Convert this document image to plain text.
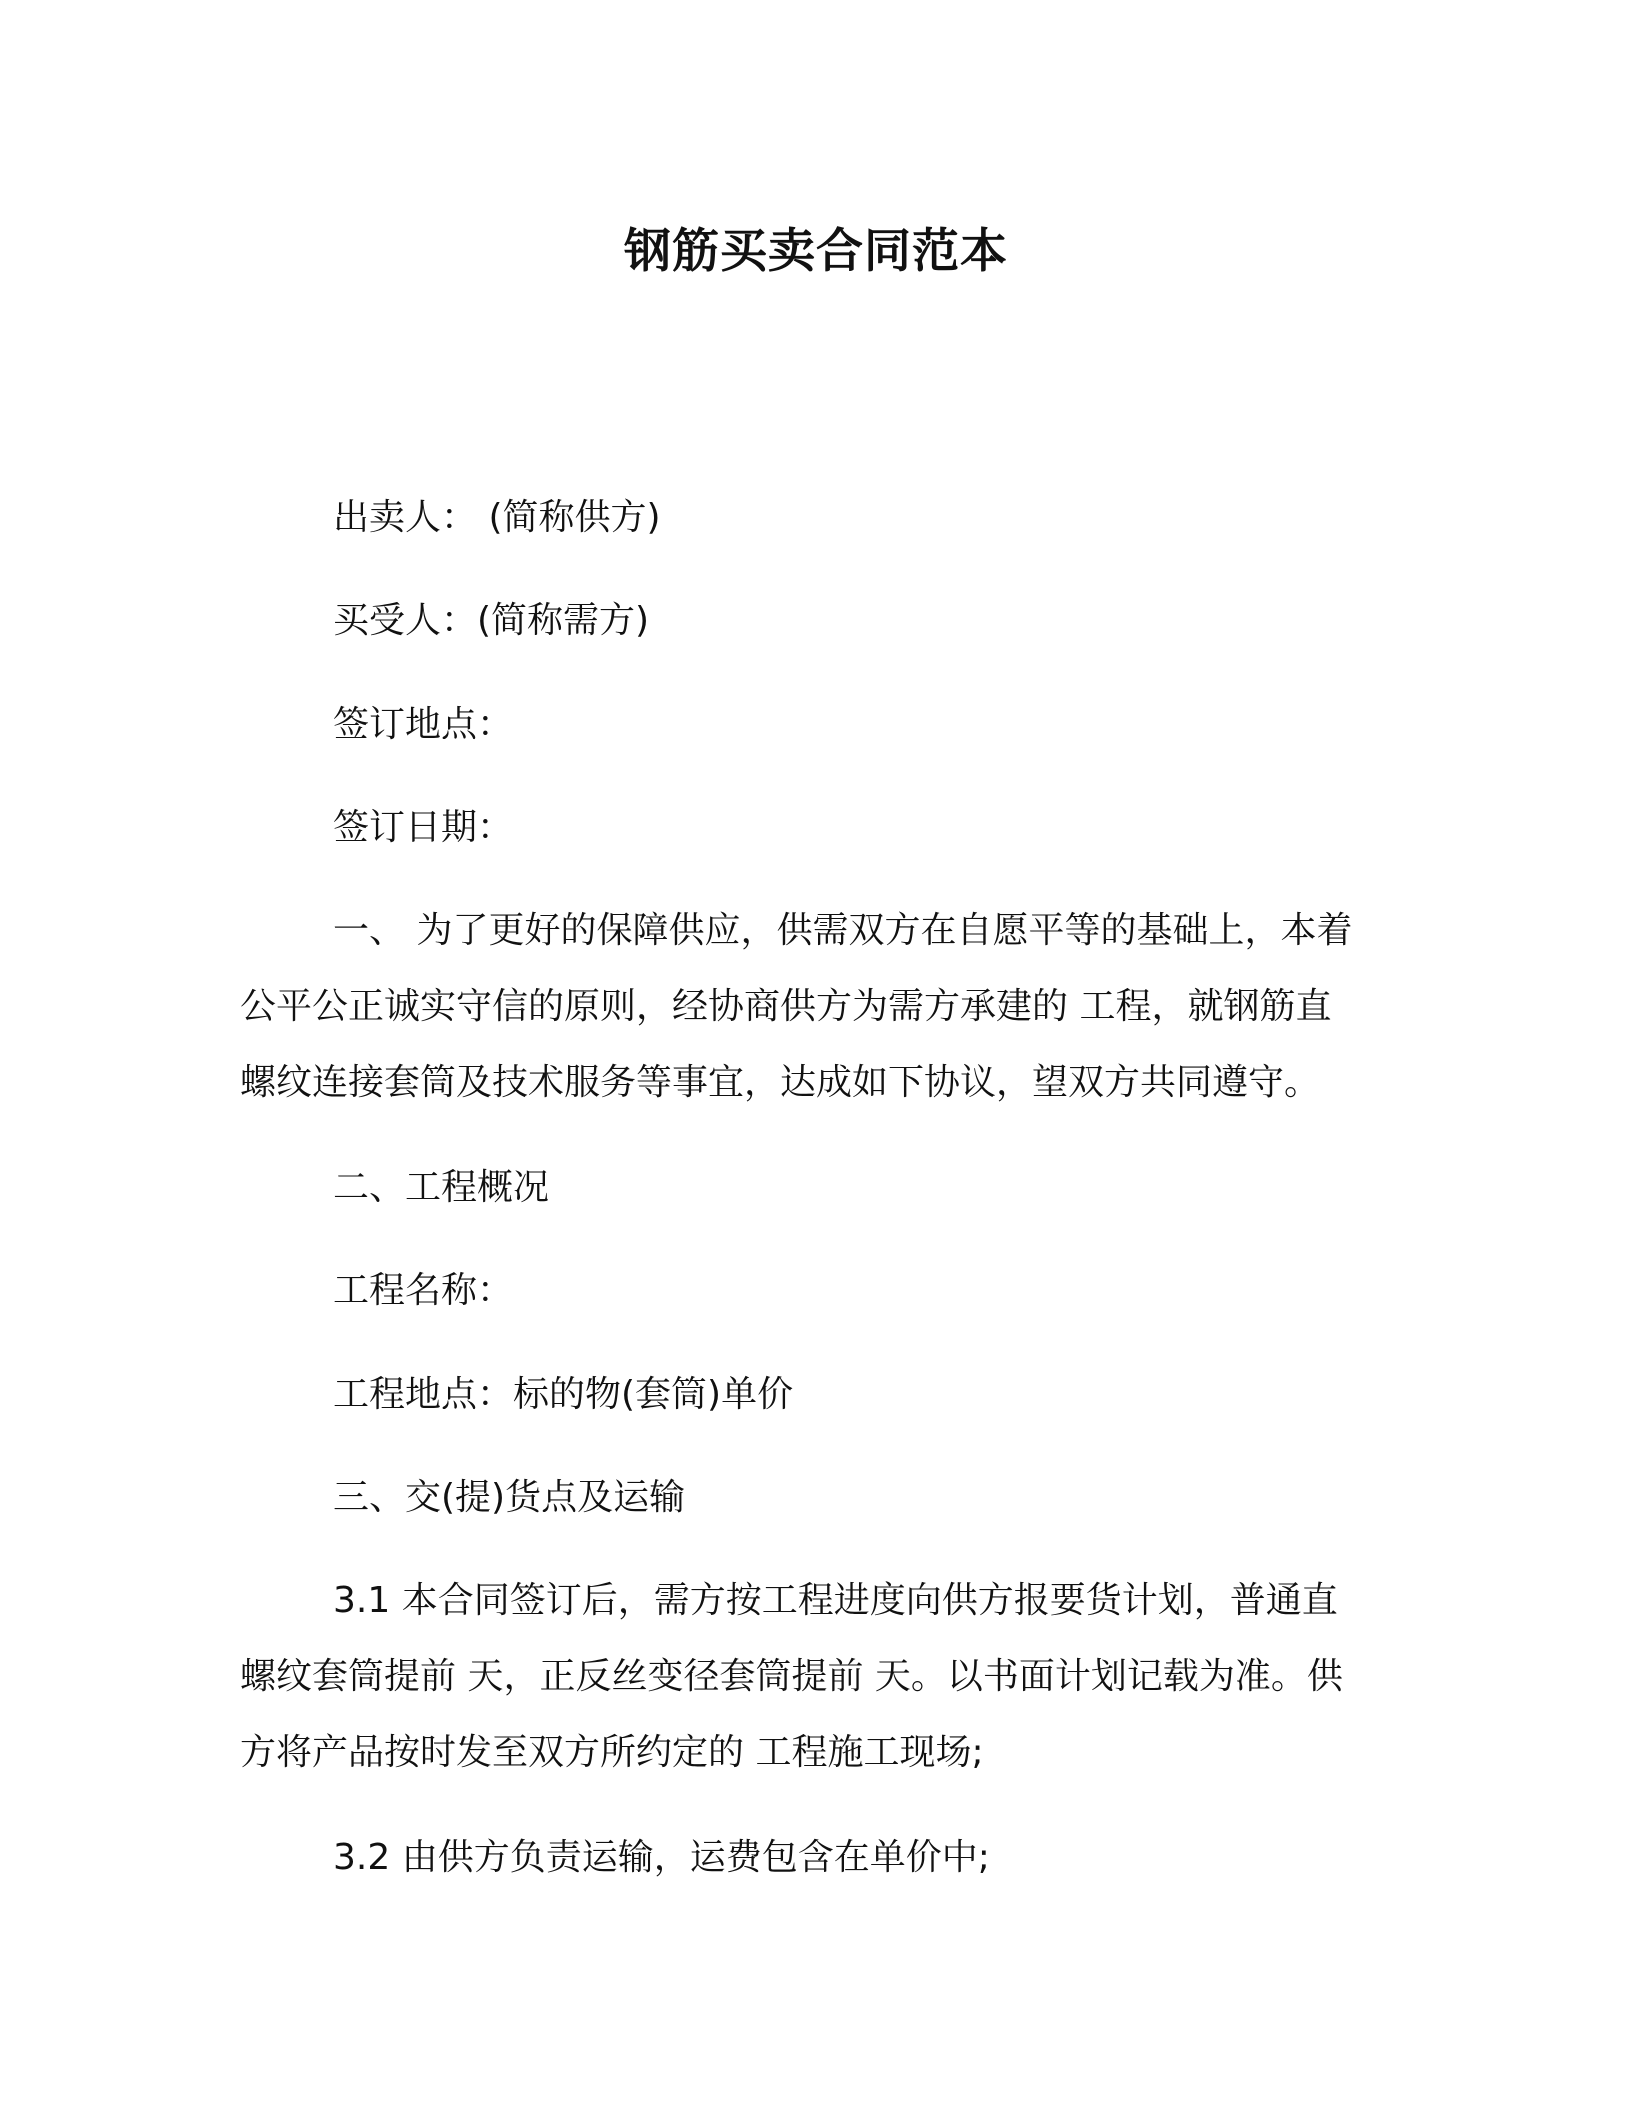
钢筋买卖合同范本
出卖人： (简称供方)
买受人：(简称需方)
签订地点：
签订日期：
一、 为了更好的保障供应，供需双方在自愿平等的基础上，本着
公平公正诚实守信的原则，经协商供方为需方承建的 工程，就钢筋直
螺纹连接套筒及技术服务等事宜，达成如下协议，望双方共同遵守。
二、工程概况
工程名称：
工程地点：标的物(套筒)单价
三、交(提)货点及运输
3.1 本合同签订后，需方按工程进度向供方报要货计划，普通直
螺纹套筒提前 天，正反丝变径套筒提前 天。以书面计划记载为准。供
方将产品按时发至双方所约定的 工程施工现场;
3.2 由供方负责运输，运费包含在单价中;
